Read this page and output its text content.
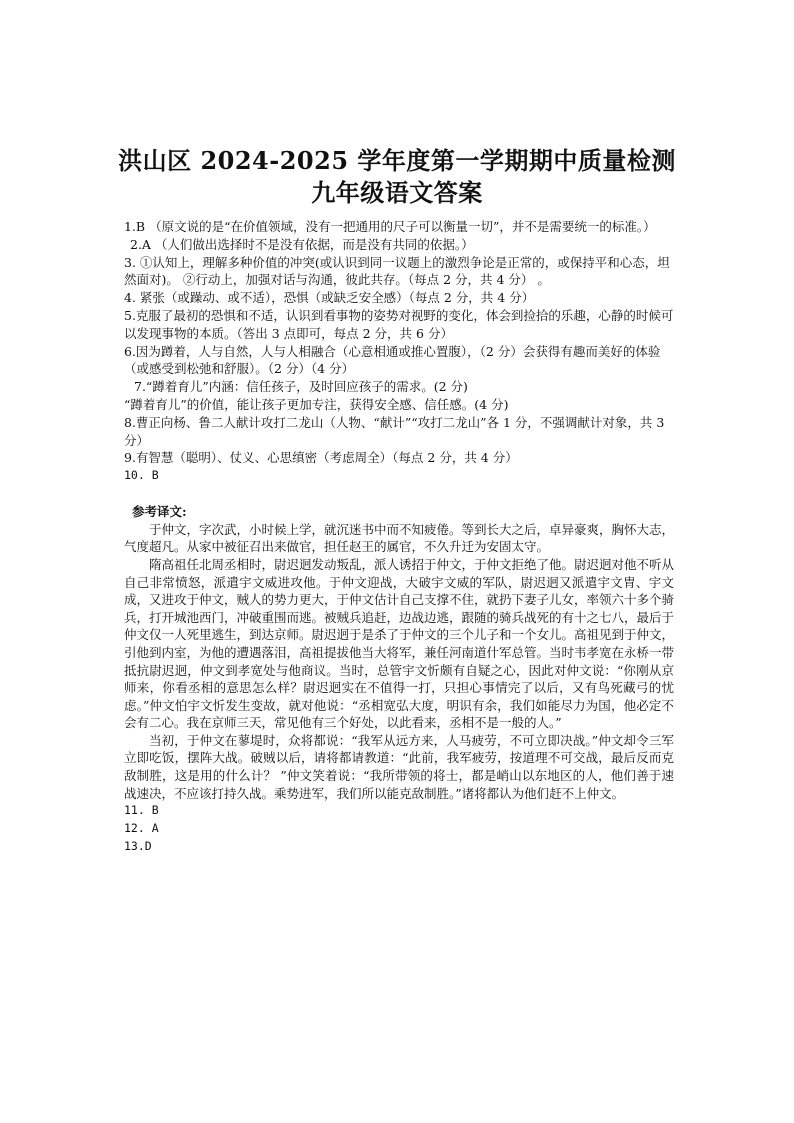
洪山区 2024-2025 学年度第一学期期中质量检测
九年级语文答案

1.B （原文说的是“在价值领域，没有一把通用的尺子可以衡量一切”，并不是需要统一的标准。）

2.A （人们做出选择时不是没有依据，而是没有共同的依据。）

3. ①认知上，理解多种价值的冲突(或认识到同一议题上的激烈争论是正常的，或保持平和心态，坦然面对)。 ②行动上，加强对话与沟通，彼此共存。（每点 2 分，共 4 分） 。

4. 紧张（或躁动、或不适），恐惧（或缺乏安全感）（每点 2 分，共 4 分）

5.克服了最初的恐惧和不适，认识到看事物的姿势对视野的变化，体会到捡拾的乐趣，心静的时候可以发现事物的本质。（答出 3 点即可，每点 2 分，共 6 分）

6.因为蹲着，人与自然，人与人相融合（心意相通或推心置腹），（2 分）会获得有趣而美好的体验（或感受到松弛和舒服）。（2 分）（4 分）

7.“蹲着育儿”内涵：信任孩子，及时回应孩子的需求。(2 分)

“蹲着育儿”的价值，能让孩子更加专注，获得安全感、信任感。(4 分)

8.曹正向杨、鲁二人献计攻打二龙山（人物、“献计”“攻打二龙山”各 1 分，不强调献计对象，共 3 分）

9.有智慧（聪明）、仗义、心思缜密（考虑周全）（每点 2 分，共 4 分）

10. B

参考译文:

于仲文，字次武，小时候上学，就沉迷书中而不知疲倦。等到长大之后，卓异豪爽，胸怀大志，气度超凡。从家中被征召出来做官，担任赵王的属官，不久升迁为安固太守。

隋高祖任北周丞相时，尉迟迥发动叛乱，派人诱招于仲文，于仲文拒绝了他。尉迟迥对他不听从自己非常愤怒，派遣宇文威进攻他。于仲文迎战，大破宇文威的军队，尉迟迥又派遣宇文胄、宇文成，又进攻于仲文，贼人的势力更大，于仲文估计自己支撑不住，就扔下妻子儿女，率领六十多个骑兵，打开城池西门，冲破重围而逃。被贼兵追赶，边战边逃，跟随的骑兵战死的有十之七八，最后于仲文仅一人死里逃生，到达京师。尉迟迥于是杀了于仲文的三个儿子和一个女儿。高祖见到于仲文，引他到内室，为他的遭遇落泪，高祖提拔他当大将军，兼任河南道什军总管。当时韦孝宽在永桥一带抵抗尉迟迥，仲文到孝宽处与他商议。当时，总管宇文忻颇有自疑之心，因此对仲文说：“你刚从京师来，你看丞相的意思怎么样？尉迟迥实在不值得一打，只担心事情完了以后，又有鸟死藏弓的忧虑。”仲文怕宇文忻发生变故，就对他说：“丞相宽弘大度，明识有余，我们如能尽力为国，他必定不会有二心。我在京师三天，常见他有三个好处，以此看来，丞相不是一般的人。”

当初，于仲文在蓼堤时，众将都说：“我军从远方来，人马疲劳，不可立即决战。”仲文却令三军立即吃饭，摆阵大战。破贼以后，请将都请教道：“此前，我军疲劳，按道理不可交战，最后反而克敌制胜，这是用的什么计？ ”仲文笑着说：“我所带领的将士，都是峭山以东地区的人，他们善于速战速决，不应该打持久战。乘势进军，我们所以能克敌制胜。”诸将都认为他们赶不上仲文。

11. B

12. A

13.D
